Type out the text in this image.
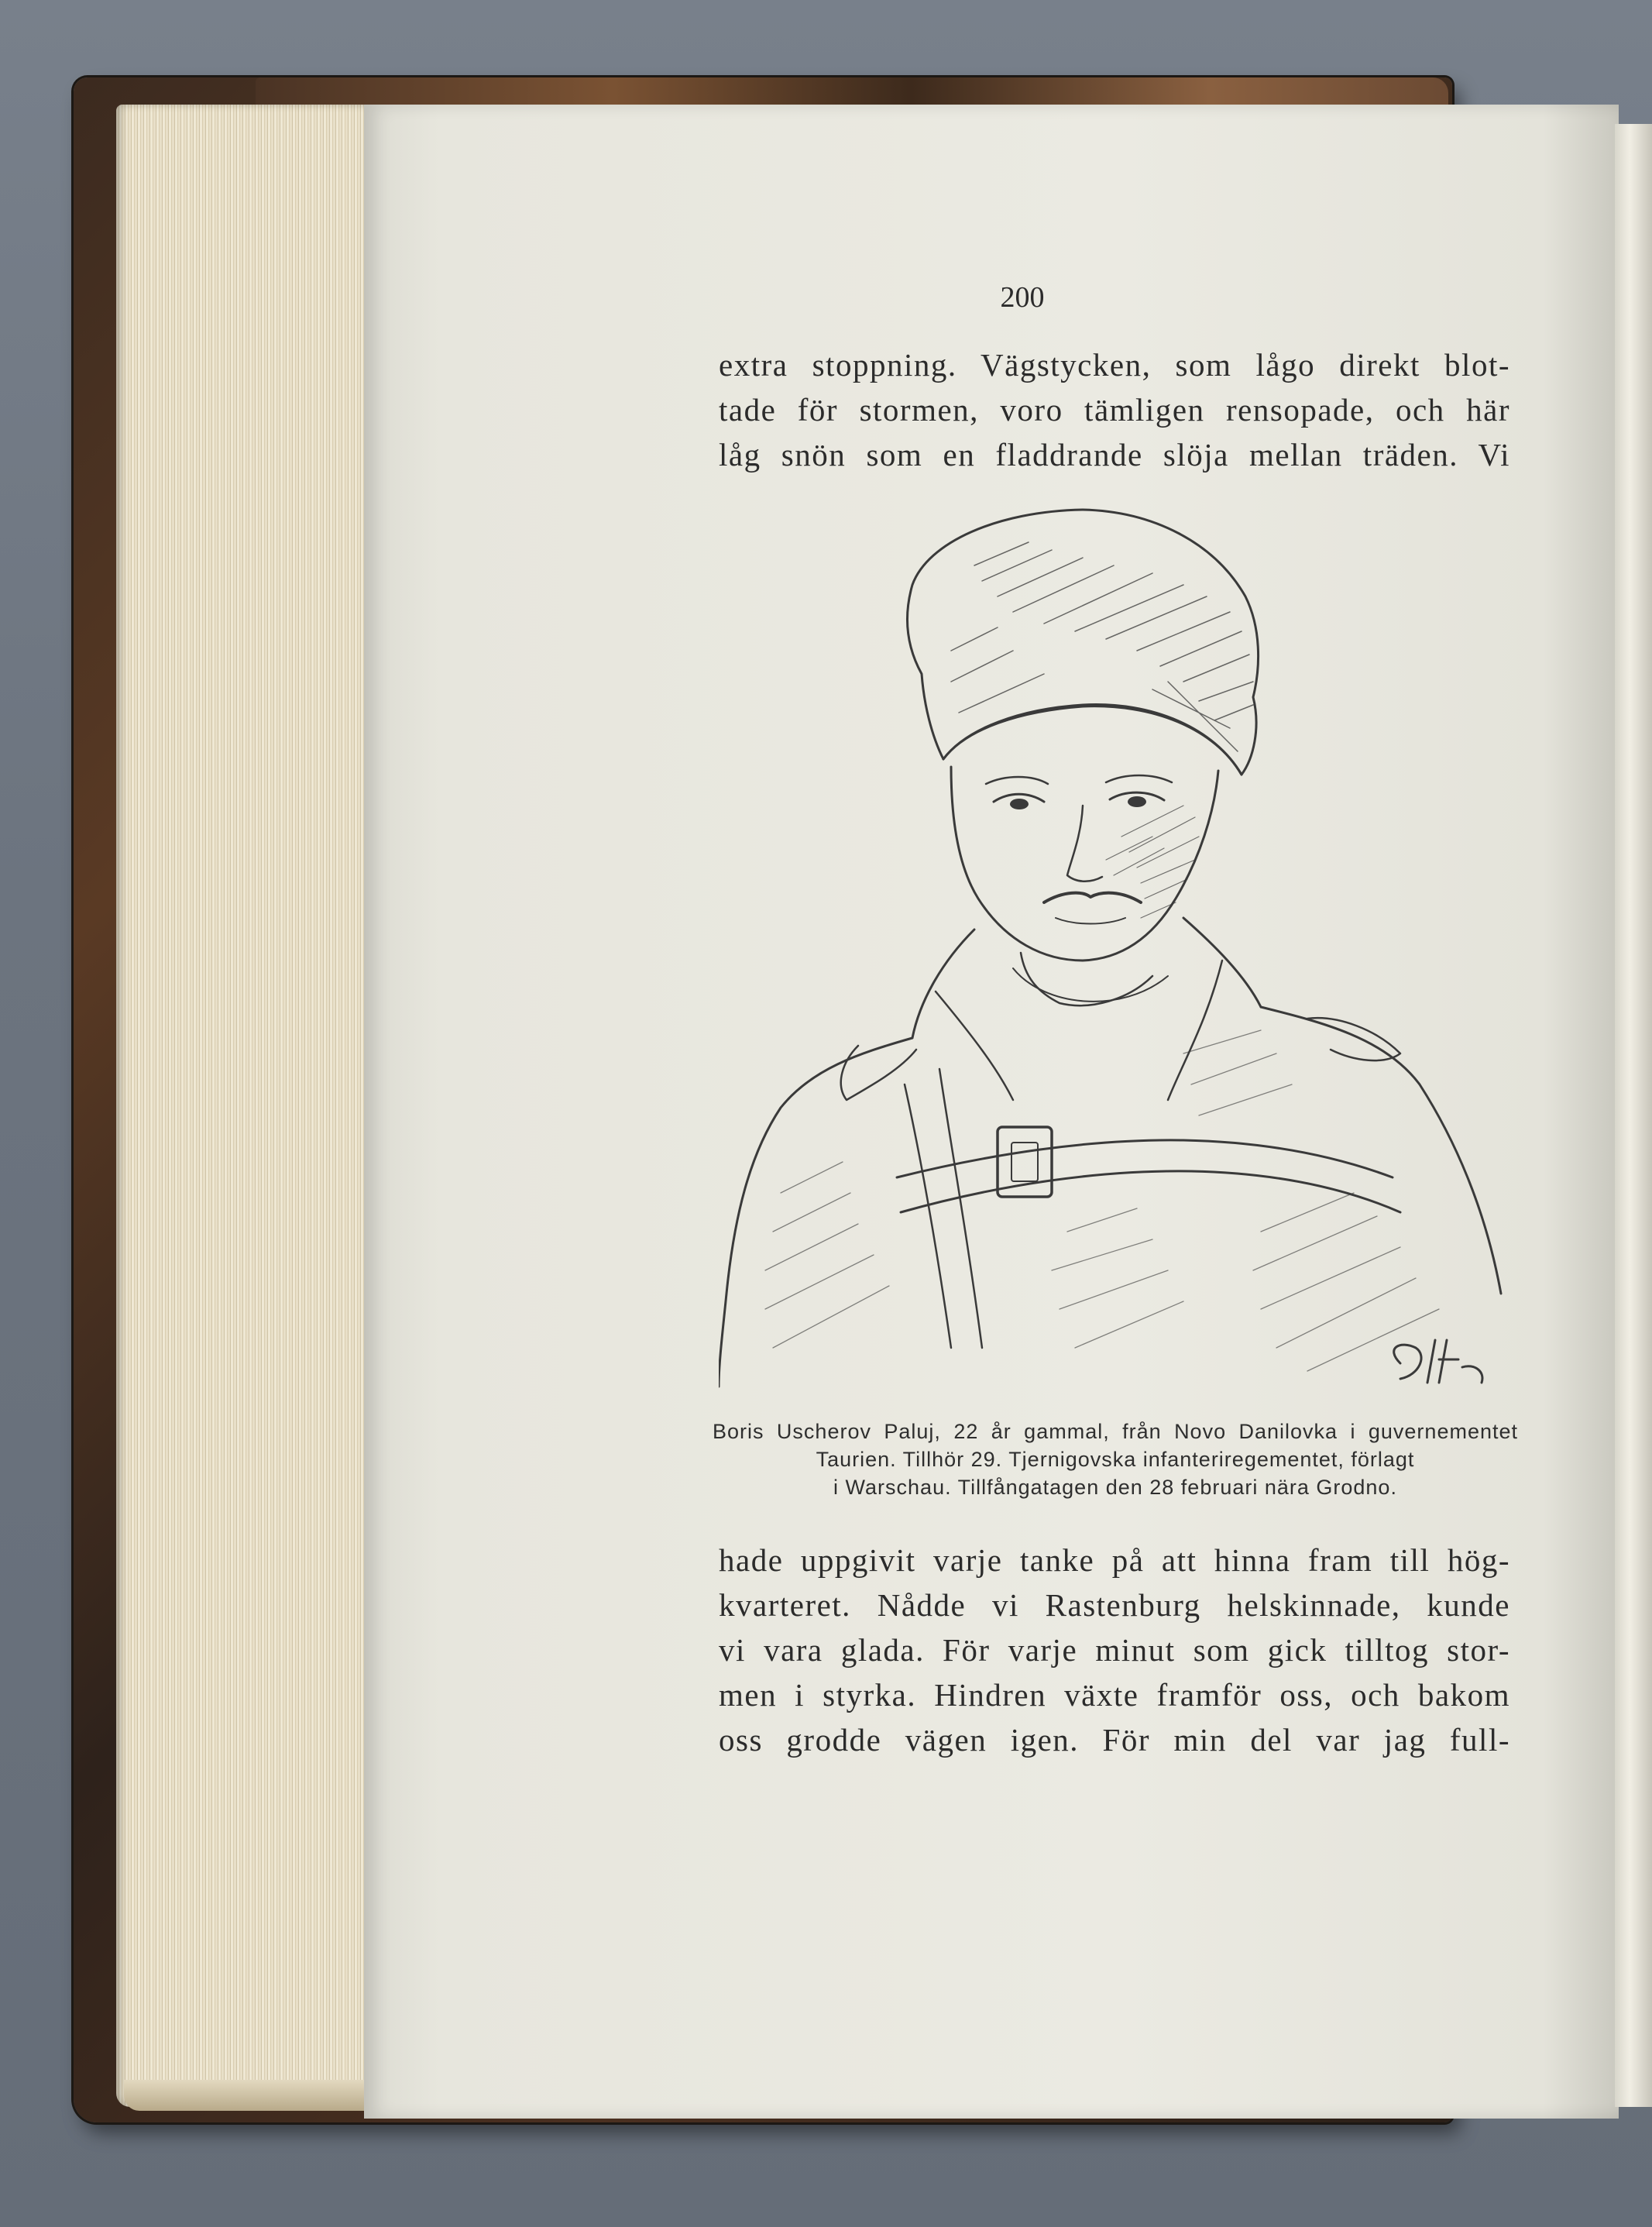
200
extra stoppning. Vägstycken, som lågo direkt blot-
tade för stormen, voro tämligen rensopade, och här
låg snön som en fladdrande slöja mellan träden. Vi
Boris Uscherov Paluj, 22 år gammal, från Novo Danilovka i guvernementet
Taurien. Tillhör 29. Tjernigovska infanteriregementet, förlagt
i Warschau. Tillfångatagen den 28 februari nära Grodno.
hade uppgivit varje tanke på att hinna fram till hög-
kvarteret. Nådde vi Rastenburg helskinnade, kunde
vi vara glada. För varje minut som gick tilltog stor-
men i styrka. Hindren växte framför oss, och bakom
oss grodde vägen igen. För min del var jag full-
